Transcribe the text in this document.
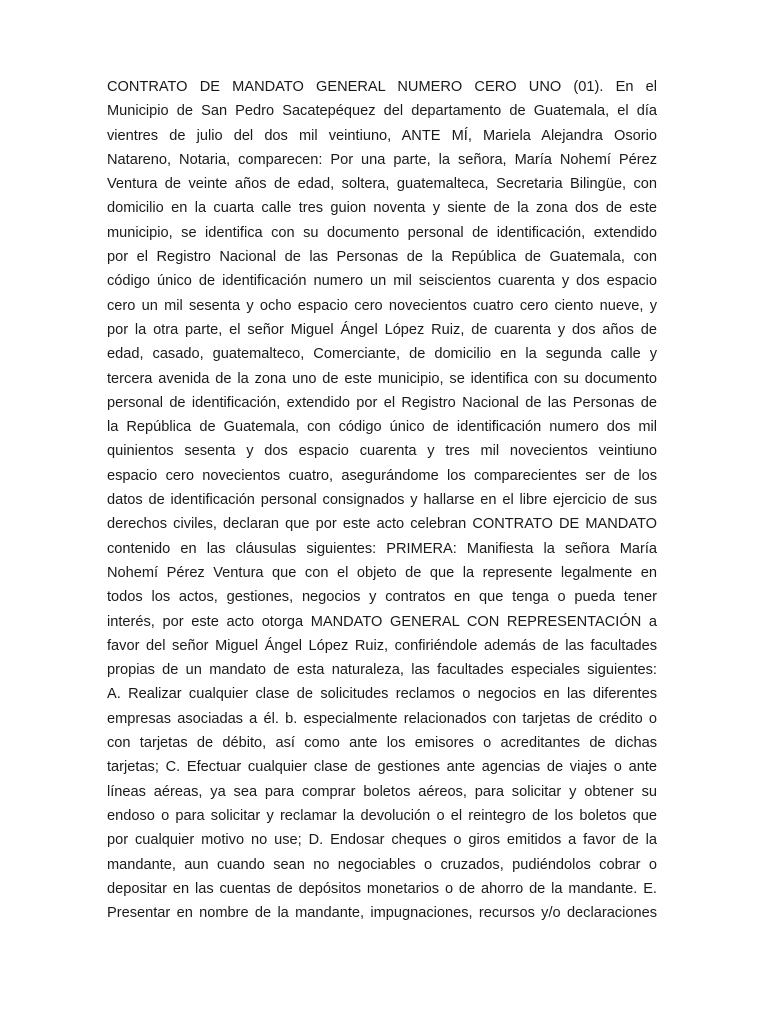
CONTRATO DE MANDATO GENERAL NUMERO CERO UNO (01). En el
Municipio de San Pedro Sacatepéquez del departamento de Guatemala, el día
vientres de julio del dos mil veintiuno, ANTE MÍ, Mariela Alejandra Osorio
Natareno, Notaria, comparecen: Por una parte, la señora, María Nohemí Pérez
Ventura de veinte años de edad, soltera, guatemalteca, Secretaria Bilingüe, con
domicilio en la cuarta calle tres guion noventa y siente de la zona dos de este
municipio, se identifica con su documento personal de identificación, extendido
por el Registro Nacional de las Personas de la República de Guatemala, con
código único de identificación numero un mil seiscientos cuarenta y dos espacio
cero un mil sesenta y ocho espacio cero novecientos cuatro cero ciento nueve, y
por la otra parte, el señor Miguel Ángel López Ruiz, de cuarenta y dos años de
edad, casado, guatemalteco, Comerciante, de domicilio en la segunda calle y
tercera avenida de la zona uno de este municipio, se identifica con su documento
personal de identificación, extendido por el Registro Nacional de las Personas de
la República de Guatemala, con código único de identificación numero dos mil
quinientos sesenta y dos espacio cuarenta y tres mil novecientos veintiuno
espacio cero novecientos cuatro, asegurándome los comparecientes ser de los
datos de identificación personal consignados y hallarse en el libre ejercicio de sus
derechos civiles, declaran que por este acto celebran CONTRATO DE MANDATO
contenido en las cláusulas siguientes: PRIMERA: Manifiesta la señora María
Nohemí Pérez Ventura que con el objeto de que la represente legalmente en
todos los actos, gestiones, negocios y contratos en que tenga o pueda tener
interés, por este acto otorga MANDATO GENERAL CON REPRESENTACIÓN a
favor del señor Miguel Ángel López Ruiz, confiriéndole además de las facultades
propias de un mandato de esta naturaleza, las facultades especiales siguientes:
A. Realizar cualquier clase de solicitudes reclamos o negocios en las diferentes
empresas asociadas a él. b. especialmente relacionados con tarjetas de crédito o
con tarjetas de débito, así como ante los emisores o acreditantes de dichas
tarjetas; C. Efectuar cualquier clase de gestiones ante agencias de viajes o ante
líneas aéreas, ya sea para comprar boletos aéreos, para solicitar y obtener su
endoso o para solicitar y reclamar la devolución o el reintegro de los boletos que
por cualquier motivo no use; D. Endosar cheques o giros emitidos a favor de la
mandante, aun cuando sean no negociables o cruzados, pudiéndolos cobrar o
depositar en las cuentas de depósitos monetarios o de ahorro de la mandante. E.
Presentar en nombre de la mandante, impugnaciones, recursos y/o declaraciones
